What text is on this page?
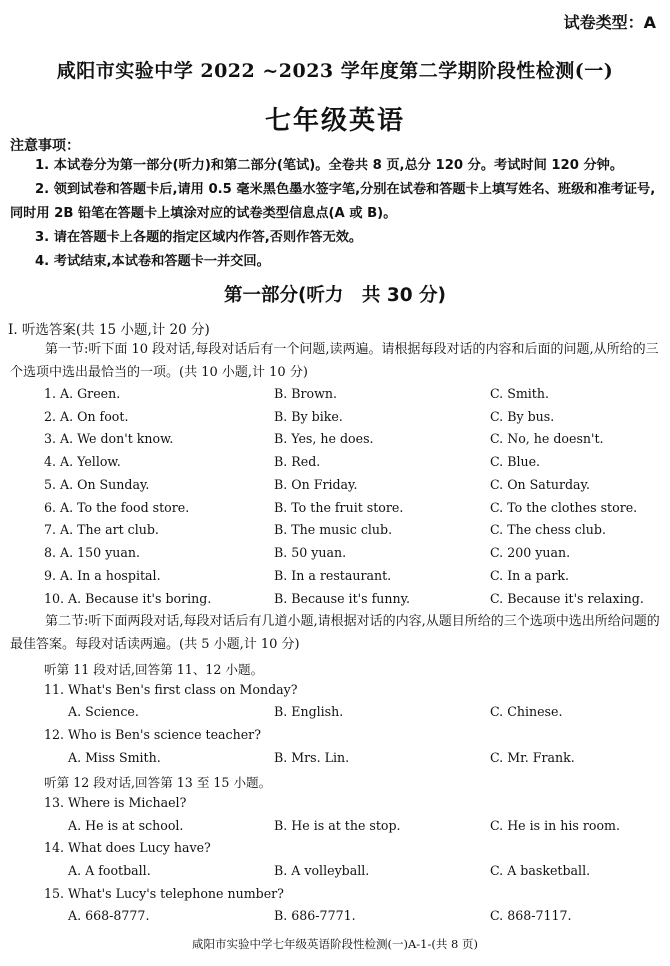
试卷类型：A
咸阳市实验中学 2022 ~2023 学年度第二学期阶段性检测(一)
七年级英语
注意事项：
1. 本试卷分为第一部分(听力)和第二部分(笔试)。全卷共 8 页,总分 120 分。考试时间 120 分钟。
2. 领到试卷和答题卡后,请用 0.5 毫米黑色墨水签字笔,分别在试卷和答题卡上填写姓名、班级和准考证号,同时用 2B 铅笔在答题卡上填涂对应的试卷类型信息点(A 或 B)。
3. 请在答题卡上各题的指定区域内作答,否则作答无效。
4. 考试结束,本试卷和答题卡一并交回。
第一部分(听力　共 30 分)
Ⅰ. 听选答案(共 15 小题,计 20 分)
第一节:听下面 10 段对话,每段对话后有一个问题,读两遍。请根据每段对话的内容和后面的问题,从所给的三个选项中选出最恰当的一项。(共 10 小题,计 10 分)
1. A. Green.	B. Brown.	C. Smith.
2. A. On foot.	B. By bike.	C. By bus.
3. A. We don't know.	B. Yes, he does.	C. No, he doesn't.
4. A. Yellow.	B. Red.	C. Blue.
5. A. On Sunday.	B. On Friday.	C. On Saturday.
6. A. To the food store.	B. To the fruit store.	C. To the clothes store.
7. A. The art club.	B. The music club.	C. The chess club.
8. A. 150 yuan.	B. 50 yuan.	C. 200 yuan.
9. A. In a hospital.	B. In a restaurant.	C. In a park.
10. A. Because it's boring.	B. Because it's funny.	C. Because it's relaxing.
第二节:听下面两段对话,每段对话后有几道小题,请根据对话的内容,从题目所给的三个选项中选出所给问题的最佳答案。每段对话读两遍。(共 5 小题,计 10 分)
听第 11 段对话,回答第 11、12 小题。
11. What's Ben's first class on Monday?
A. Science.	B. English.	C. Chinese.
12. Who is Ben's science teacher?
A. Miss Smith.	B. Mrs. Lin.	C. Mr. Frank.
听第 12 段对话,回答第 13 至 15 小题。
13. Where is Michael?
A. He is at school.	B. He is at the stop.	C. He is in his room.
14. What does Lucy have?
A. A football.	B. A volleyball.	C. A basketball.
15. What's Lucy's telephone number?
A. 668-8777.	B. 686-7771.	C. 868-7117.
咸阳市实验中学七年级英语阶段性检测(一)A-1-(共 8 页)
